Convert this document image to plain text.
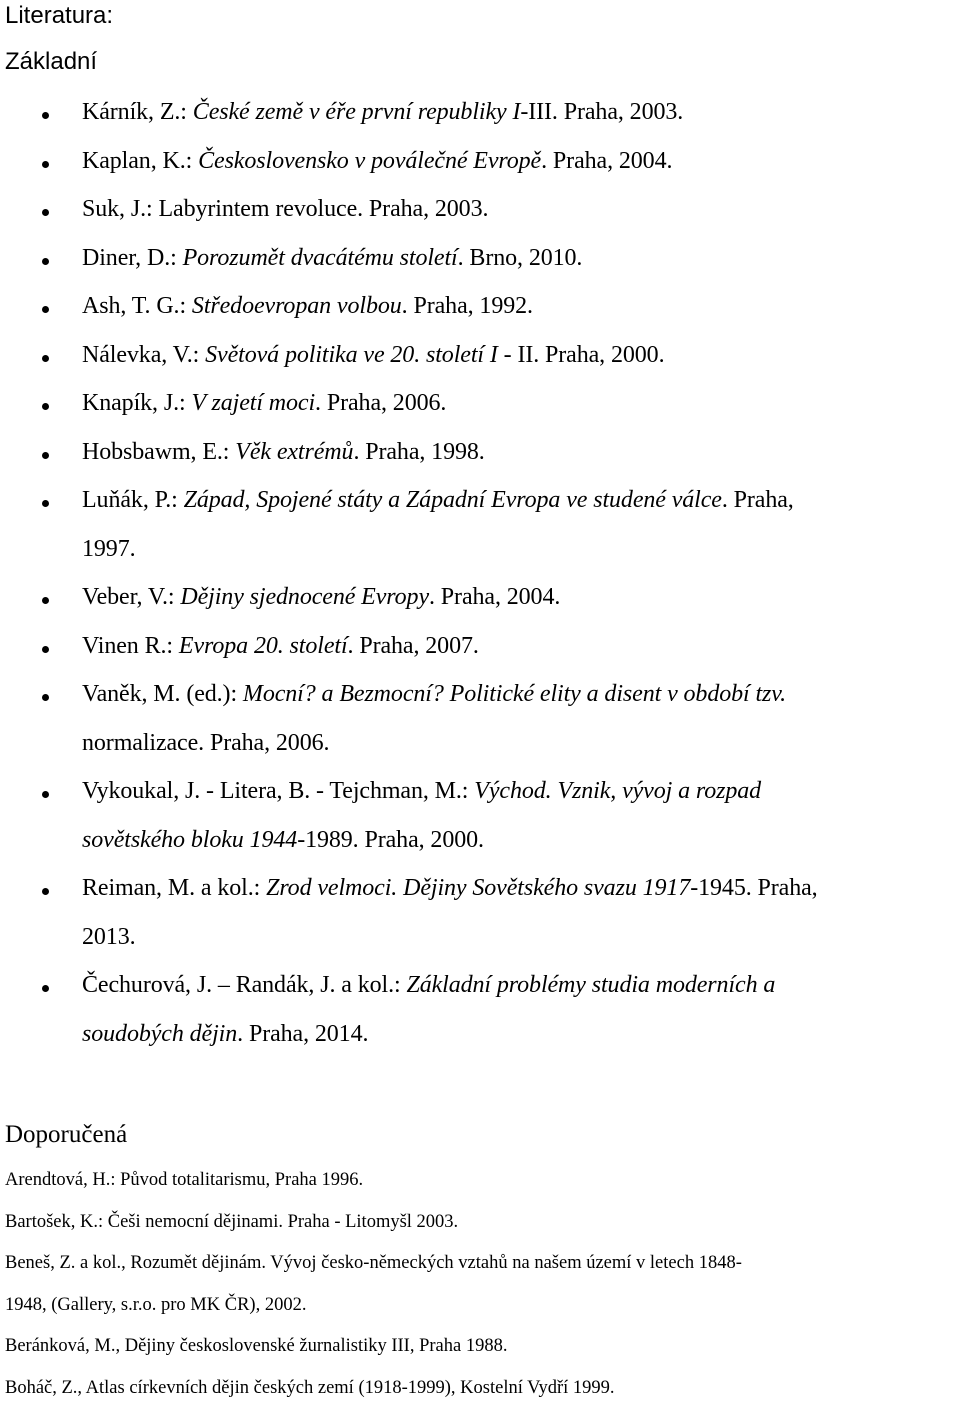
Literatura:
Základní
Kárník, Z.: České země v éře první republiky I-III. Praha, 2003.
Kaplan, K.: Československo v poválečné Evropě. Praha, 2004.
Suk, J.: Labyrintem revoluce. Praha, 2003.
Diner, D.: Porozumět dvacátému století. Brno, 2010.
Ash, T. G.: Středoevropan volbou. Praha, 1992.
Nálevka, V.: Světová politika ve 20. století I - II. Praha, 2000.
Knapík, J.: V zajetí moci. Praha, 2006.
Hobsbawm, E.: Věk extrémů. Praha, 1998.
Luňák, P.: Západ, Spojené státy a Západní Evropa ve studené válce. Praha,
1997.
Veber, V.: Dějiny sjednocené Evropy. Praha, 2004.
Vinen R.: Evropa 20. století. Praha, 2007.
Vaněk, M. (ed.): Mocní? a Bezmocní? Politické elity a disent v období tzv.
normalizace. Praha, 2006.
Vykoukal, J. - Litera, B. - Tejchman, M.: Východ. Vznik, vývoj a rozpad
sovětského bloku 1944-1989. Praha, 2000.
Reiman, M. a kol.: Zrod velmoci. Dějiny Sovětského svazu 1917-1945. Praha,
2013.
Čechurová, J. – Randák, J. a kol.: Základní problémy studia moderních a
soudobých dějin. Praha, 2014.
Doporučená
Arendtová, H.: Původ totalitarismu, Praha 1996.
Bartošek, K.: Češi nemocní dějinami. Praha - Litomyšl 2003.
Beneš, Z. a kol., Rozumět dějinám. Vývoj česko-německých vztahů na našem území v letech 1848-
1948, (Gallery, s.r.o. pro MK ČR), 2002.
Beránková, M., Dějiny československé žurnalistiky III, Praha 1988.
Boháč, Z., Atlas církevních dějin českých zemí (1918-1999), Kostelní Vydří 1999.
